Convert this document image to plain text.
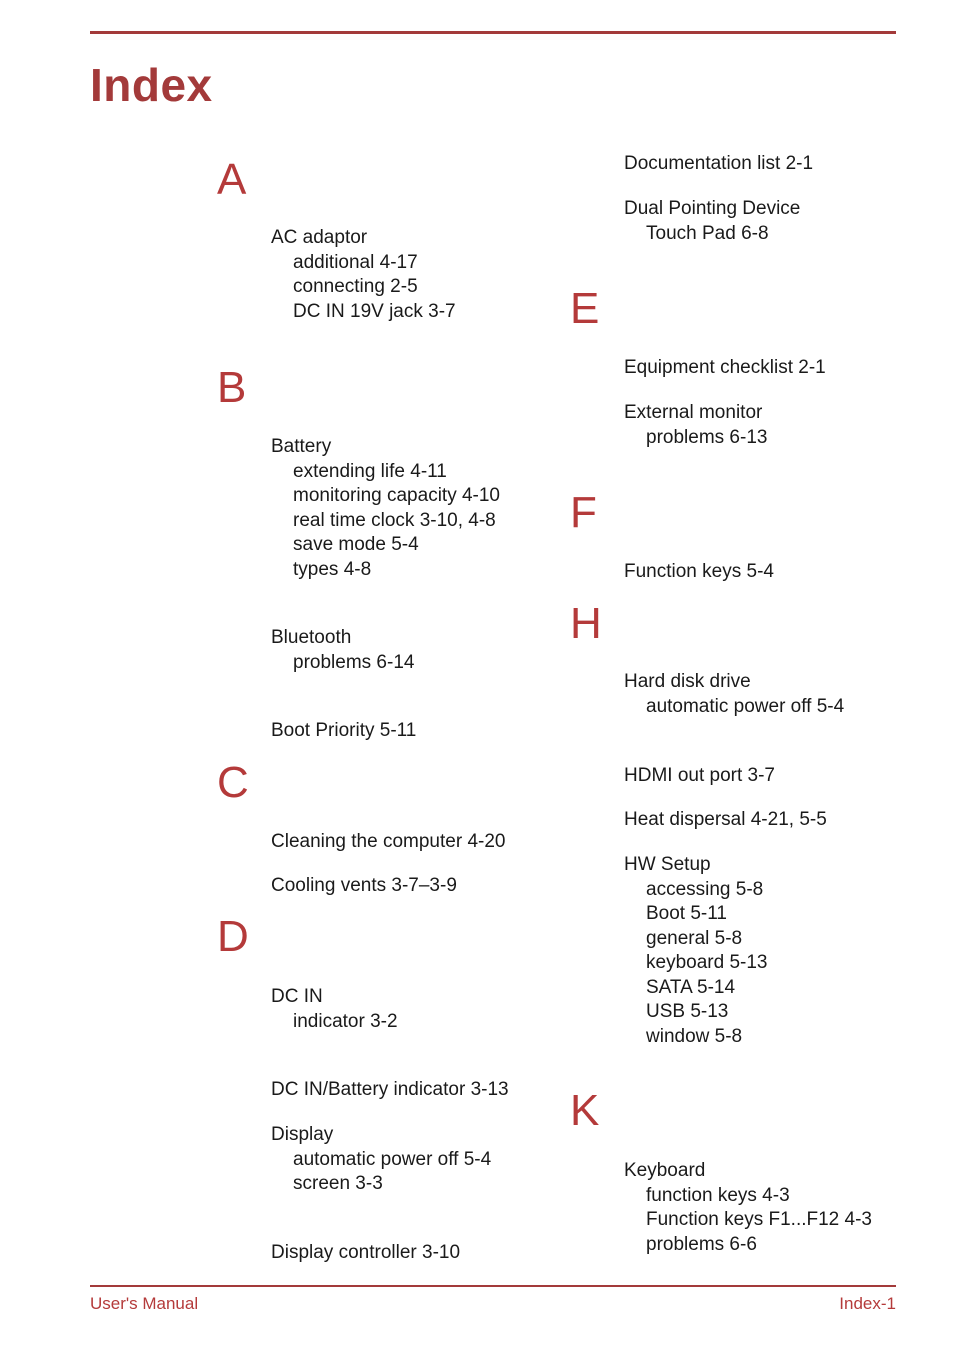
Index
A
B
C
D
E
F
H
K
AC adaptor
additional 4-17
connecting 2-5
DC IN 19V jack 3-7
Battery
extending life 4-11
monitoring capacity 4-10
real time clock 3-10, 4-8
save mode 5-4
types 4-8
Bluetooth
problems 6-14
Boot Priority 5-11
Cleaning the computer 4-20
Cooling vents 3-7–3-9
DC IN
indicator 3-2
DC IN/Battery indicator 3-13
Display
automatic power off 5-4
screen 3-3
Display controller 3-10
Documentation list 2-1
Dual Pointing Device
Touch Pad 6-8
Equipment checklist 2-1
External monitor
problems 6-13
Function keys 5-4
Hard disk drive
automatic power off 5-4
HDMI out port 3-7
Heat dispersal 4-21, 5-5
HW Setup
accessing 5-8
Boot 5-11
general 5-8
keyboard 5-13
SATA 5-14
USB 5-13
window 5-8
Keyboard
function keys 4-3
Function keys F1...F12 4-3
problems 6-6
User's Manual	Index-1
